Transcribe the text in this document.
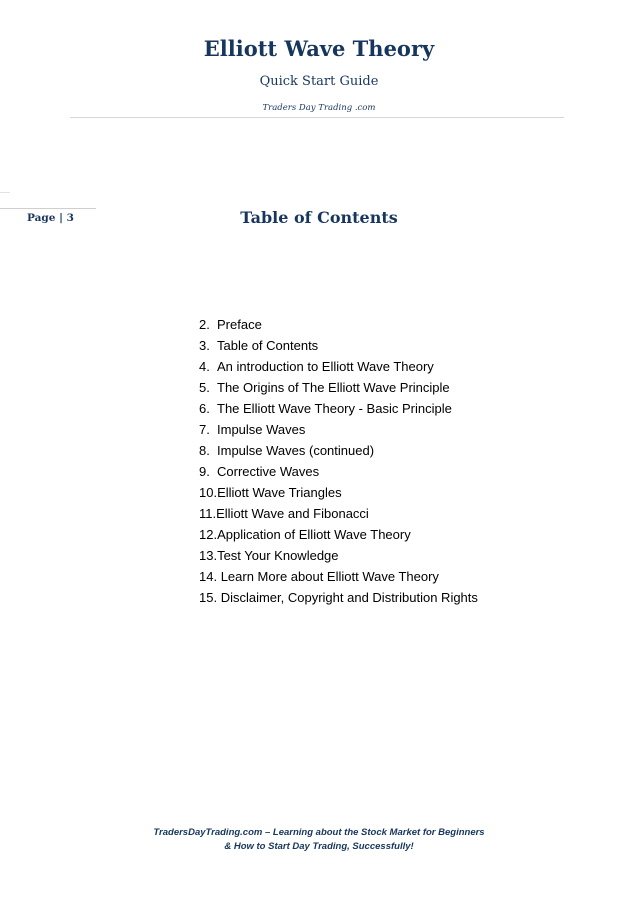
Elliott Wave Theory
Quick Start Guide
Traders Day Trading .com
Page | 3	Table of Contents
2. Preface
3. Table of Contents
4. An introduction to Elliott Wave Theory
5. The Origins of The Elliott Wave Principle
6. The Elliott Wave Theory - Basic Principle
7. Impulse Waves
8. Impulse Waves (continued)
9. Corrective Waves
10.Elliott Wave Triangles
11.Elliott Wave and Fibonacci
12.Application of Elliott Wave Theory
13.Test Your Knowledge
14. Learn More about Elliott Wave Theory
15. Disclaimer, Copyright and Distribution Rights
TradersDayTrading.com – Learning about the Stock Market for Beginners
& How to Start Day Trading, Successfully!
